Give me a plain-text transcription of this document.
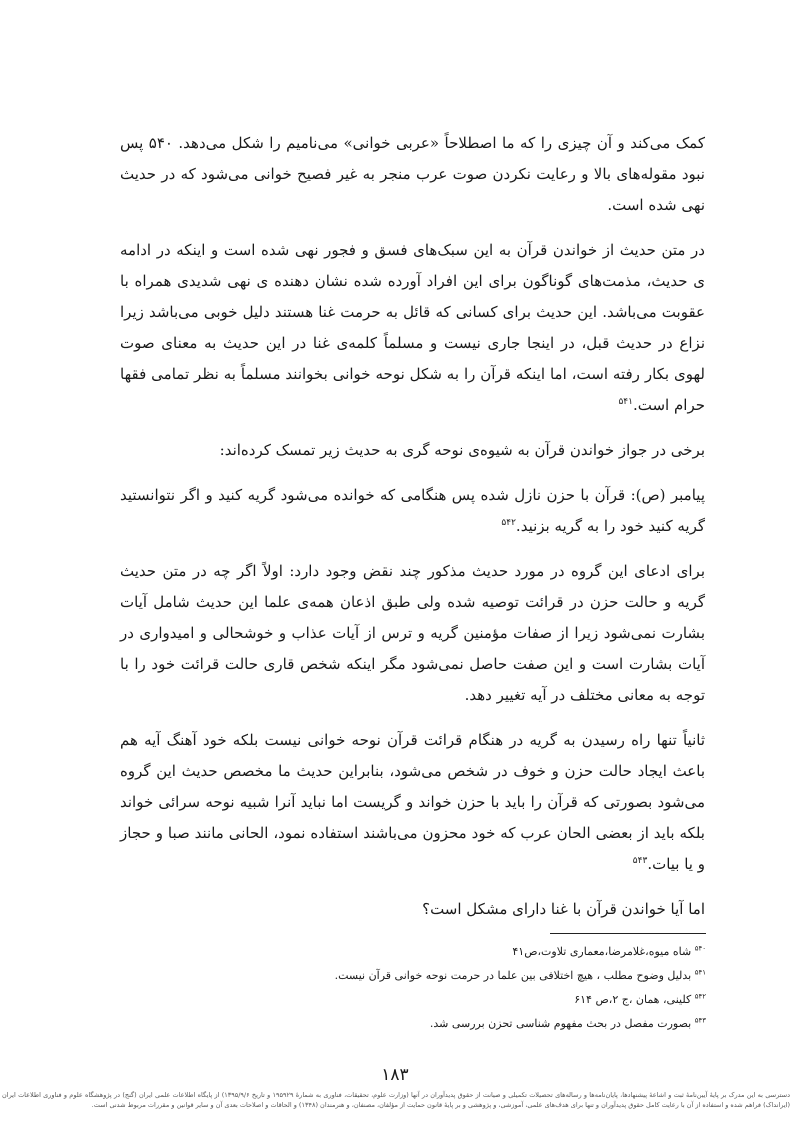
کمک می‌کند و آن چیزی را که ما اصطلاحاً «عربی خوانی» می‌نامیم را شکل می‌دهد. ۵۴۰ پس نبود مقوله‌های بالا و رعایت نکردن صوت عرب منجر به غیر فصیح خوانی می‌شود که در حدیث نهی شده است.

در متن حدیث از خواندن قرآن به این سبک‌های فسق و فجور نهی شده است و اینکه در ادامه ی حدیث، مذمت‌های گوناگون برای این افراد آورده شده نشان دهنده ی نهی شدیدی همراه با عقوبت می‌باشد. این حدیث برای کسانی که قائل به حرمت غنا هستند دلیل خوبی می‌باشد زیرا نزاع در حدیث قبل، در اینجا جاری نیست و مسلماً کلمه‌ی غنا در این حدیث به معنای صوت لهوی بکار رفته است، اما اینکه قرآن را به شکل نوحه خوانی بخوانند مسلماً به نظر تمامی فقها حرام است.$^{۵۴۱}$

برخی در جواز خواندن قرآن به شیوه‌ی نوحه گری به حدیث زیر تمسک کرده‌اند:

پیامبر (ص): قرآن با حزن نازل شده پس هنگامی که خوانده می‌شود گریه کنید و اگر نتوانستید گریه کنید خود را به گریه بزنید.$^{۵۴۲}$

برای ادعای این گروه در مورد حدیث مذکور چند نقض وجود دارد: اولاً اگر چه در متن حدیث گریه و حالت حزن در قرائت توصیه شده ولی طبق اذعان همه‌ی علما این حدیث شامل آیات بشارت نمی‌شود زیرا از صفات مؤمنین گریه و ترس از آیات عذاب و خوشحالی و امیدواری در آیات بشارت است و این صفت حاصل نمی‌شود مگر اینکه شخص قاری حالت قرائت خود را با توجه به معانی مختلف در آیه تغییر دهد.

ثانیاً تنها راه رسیدن به گریه در هنگام قرائت قرآن نوحه خوانی نیست بلکه خود آهنگ آیه هم باعث ایجاد حالت حزن و خوف در شخص می‌شود، بنابراین حدیث ما مخصص حدیث این گروه می‌شود بصورتی که قرآن را باید با حزن خواند و گریست اما نباید آنرا شبیه نوحه سرائی خواند بلکه باید از بعضی الحان عرب که خود محزون می‌باشند استفاده نمود، الحانی مانند صبا و حجاز و یا بیات.$^{۵۴۳}$

اما آیا خواندن قرآن با غنا دارای مشکل است؟

$^{۵۴۰}$ شاه میوه،غلامرضا،معماری تلاوت،ص۴۱
$^{۵۴۱}$ بدلیل وضوح مطلب ، هیچ اختلافی بین علما در حرمت نوحه خوانی قرآن نیست.
$^{۵۴۲}$ کلینی، همان ،ج ۲،ص ۶۱۴
$^{۵۴۳}$ بصورت مفصل در بحث مفهوم شناسی تحزن بررسی شد.
۱۸۳
دسترسی به این مدرک بر پایهٔ آیین‌نامهٔ ثبت و اشاعهٔ پیشنهادها، پایان‌نامه‌ها و رساله‌های تحصیلات تکمیلی و صیانت از حقوق پدیدآوران در آنها (وزارت علوم، تحقیقات، فناوری به شمارهٔ ۱۹۵۹۲۹ و تاریخ ۱۳۹۵/۹/۶) از پایگاه اطلاعات علمی ایران (گنج) در پژوهشگاه علوم و فناوری اطلاعات ایران (ایرانداک) فراهم شده و استفاده از آن با رعایت کامل حقوق پدیدآوران و تنها برای هدف‌های علمی، آموزشی، و پژوهشی و بر پایهٔ قانون حمایت از مؤلفان، مصنفان، و هنرمندان (۱۳۴۸) و الحاقات و اصلاحات بعدی آن و سایر قوانین و مقررات مربوط شدنی است.
